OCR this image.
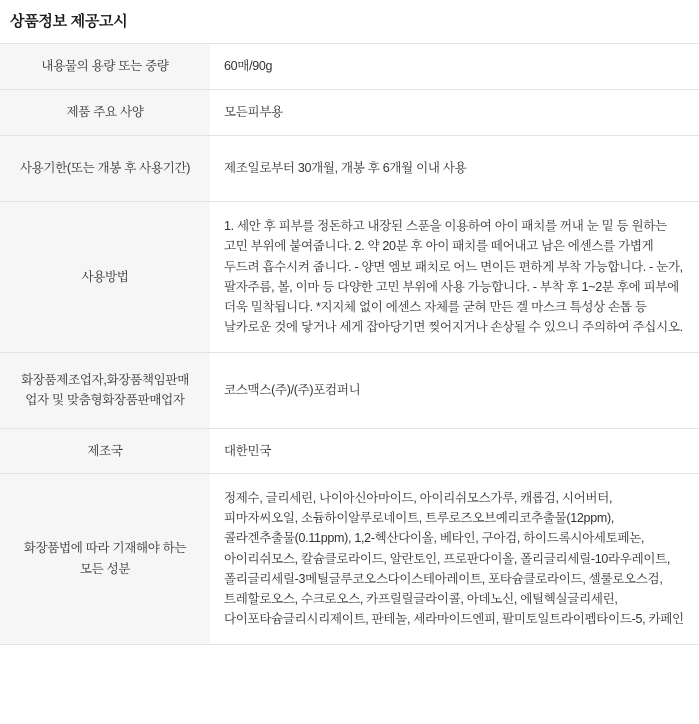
상품정보 제공고시
내용물의 용량 또는 중량	60매/90g

제품 주요 사양	모든피부용

사용기한(또는 개봉 후 사용기간)	제조일로부터 30개월, 개봉 후 6개월 이내 사용

사용방법	1. 세안 후 피부를 정돈하고 내장된 스푼을 이용하여 아이 패치를 꺼내 눈 밑 등 원하는 고민 부위에 붙여줍니다. 2. 약 20분 후 아이 패치를 떼어내고 남은 에센스를 가볍게 두드려 흡수시켜 줍니다. - 양면 엠보 패치로 어느 면이든 편하게 부착 가능합니다. - 눈가, 팔자주름, 볼, 이마 등 다양한 고민 부위에 사용 가능합니다. - 부착 후 1~2분 후에 피부에 더욱 밀착됩니다. *지지체 없이 에센스 자체를 굳혀 만든 겔 마스크 특성상 손톱 등 날카로운 것에 닿거나 세게 잡아당기면 찢어지거나 손상될 수 있으니 주의하여 주십시오.

화장품제조업자,화장품책임판매업자 및 맞춤형화장품판매업자	코스맥스(주)/(주)포컴퍼니

제조국	대한민국

화장품법에 따라 기재해야 하는 모든 성분	정제수, 글리세린, 나이아신아마이드, 아이리쉬모스가루, 캐롭검, 시어버터, 피마자씨오일, 소듐하이알루로네이트, 트루로즈오브예리코추출물(12ppm), 콜라겐추출물(0.11ppm), 1,2-헥산다이올, 베타인, 구아검, 하이드록시아세토페논, 아이리쉬모스, 칼슘클로라이드, 알란토인, 프로판다이올, 폴리글리세릴-10라우레이트, 폴리글리세릴-3메틸글루코오스다이스테아레이트, 포타슘클로라이드, 셀룰로오스검, 트레할로오스, 수크로오스, 카프릴릴글라이콜, 아데노신, 에틸헥실글리세린, 다이포타슘글리시리제이트, 판테놀, 세라마이드엔피, 팔미토일트라이펩타이드-5, 카페인
